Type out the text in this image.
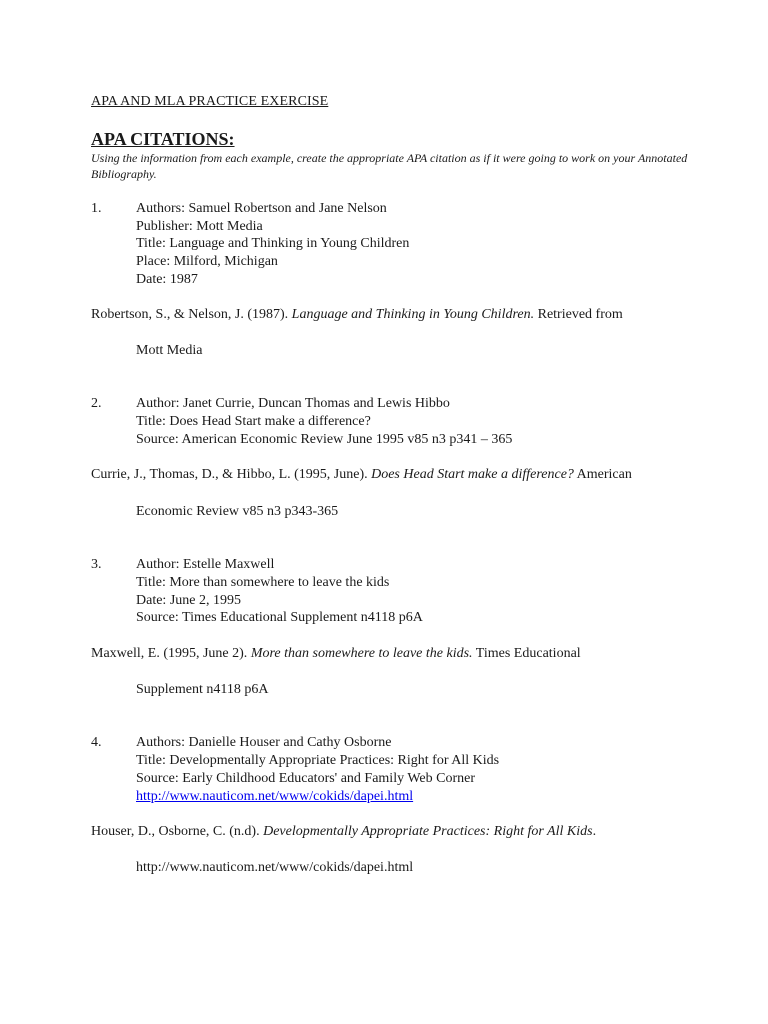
APA AND MLA PRACTICE EXERCISE
APA CITATIONS:
Using the information from each example, create the appropriate APA citation as if it were going to work on your Annotated Bibliography.
1. Authors: Samuel Robertson and Jane Nelson
Publisher: Mott Media
Title: Language and Thinking in Young Children
Place: Milford, Michigan
Date: 1987
Robertson, S., & Nelson, J. (1987). Language and Thinking in Young Children. Retrieved from
Mott Media
2. Author: Janet Currie, Duncan Thomas and Lewis Hibbo
Title: Does Head Start make a difference?
Source: American Economic Review June 1995 v85 n3 p341 – 365
Currie, J., Thomas, D., & Hibbo, L. (1995, June). Does Head Start make a difference? American
Economic Review v85 n3 p343-365
3. Author: Estelle Maxwell
Title: More than somewhere to leave the kids
Date: June 2, 1995
Source: Times Educational Supplement n4118 p6A
Maxwell, E. (1995, June 2). More than somewhere to leave the kids. Times Educational
Supplement n4118 p6A
4. Authors: Danielle Houser and Cathy Osborne
Title: Developmentally Appropriate Practices: Right for All Kids
Source: Early Childhood Educators' and Family Web Corner
http://www.nauticom.net/www/cokids/dapei.html
Houser, D., Osborne, C. (n.d). Developmentally Appropriate Practices: Right for All Kids.
http://www.nauticom.net/www/cokids/dapei.html
